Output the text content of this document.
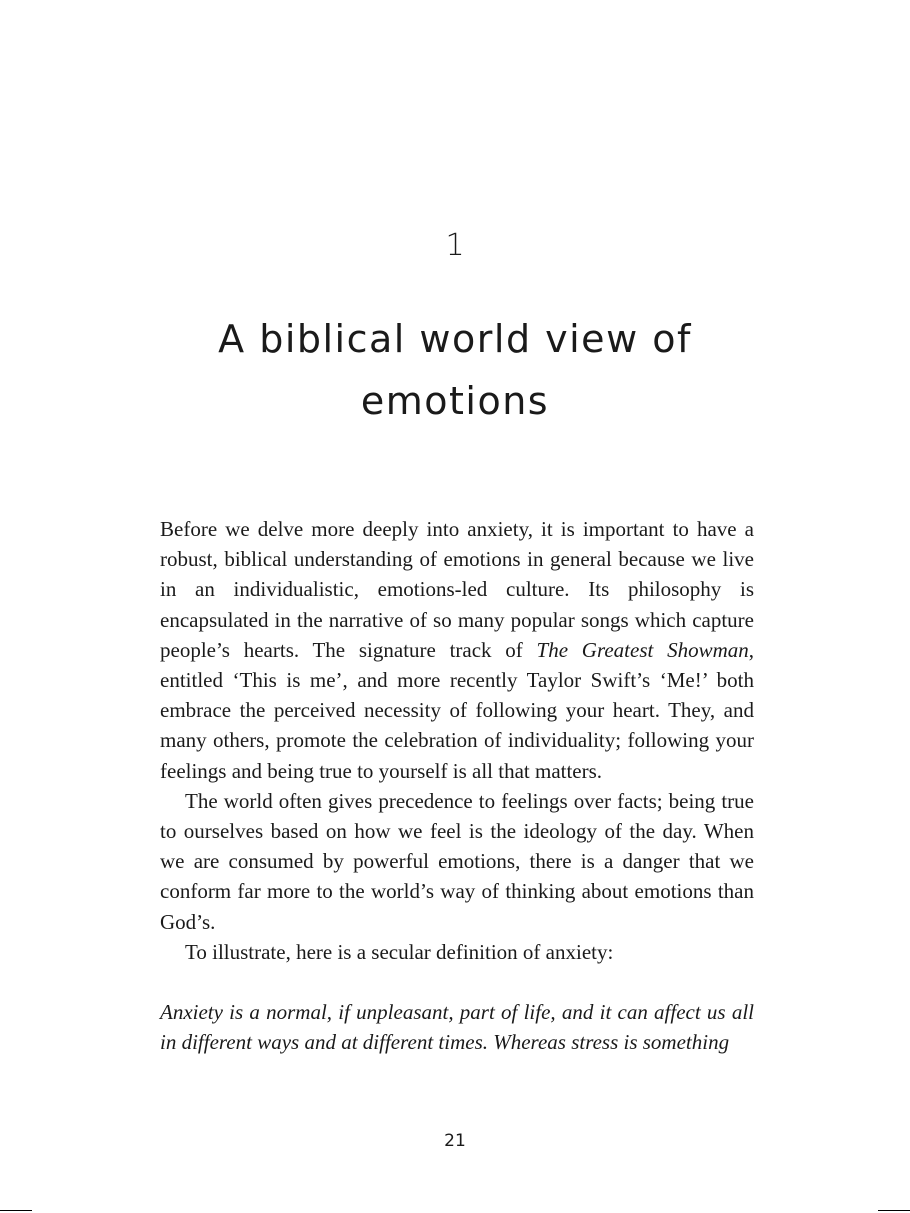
1
A biblical world view of emotions

Before we delve more deeply into anxiety, it is important to have a robust, biblical understanding of emotions in general because we live in an individualistic, emotions-led culture. Its philosophy is encapsulated in the narrative of so many popular songs which capture people’s hearts. The signature track of The Greatest Showman, entitled ‘This is me’, and more recently Taylor Swift’s ‘Me!’ both embrace the perceived necessity of following your heart. They, and many others, promote the celebration of individuality; following your feelings and being true to yourself is all that matters.

The world often gives precedence to feelings over facts; being true to ourselves based on how we feel is the ideology of the day. When we are consumed by powerful emotions, there is a danger that we conform far more to the world’s way of thinking about emotions than God’s.

To illustrate, here is a secular definition of anxiety:

Anxiety is a normal, if unpleasant, part of life, and it can affect us all in different ways and at different times. Whereas stress is something

21
